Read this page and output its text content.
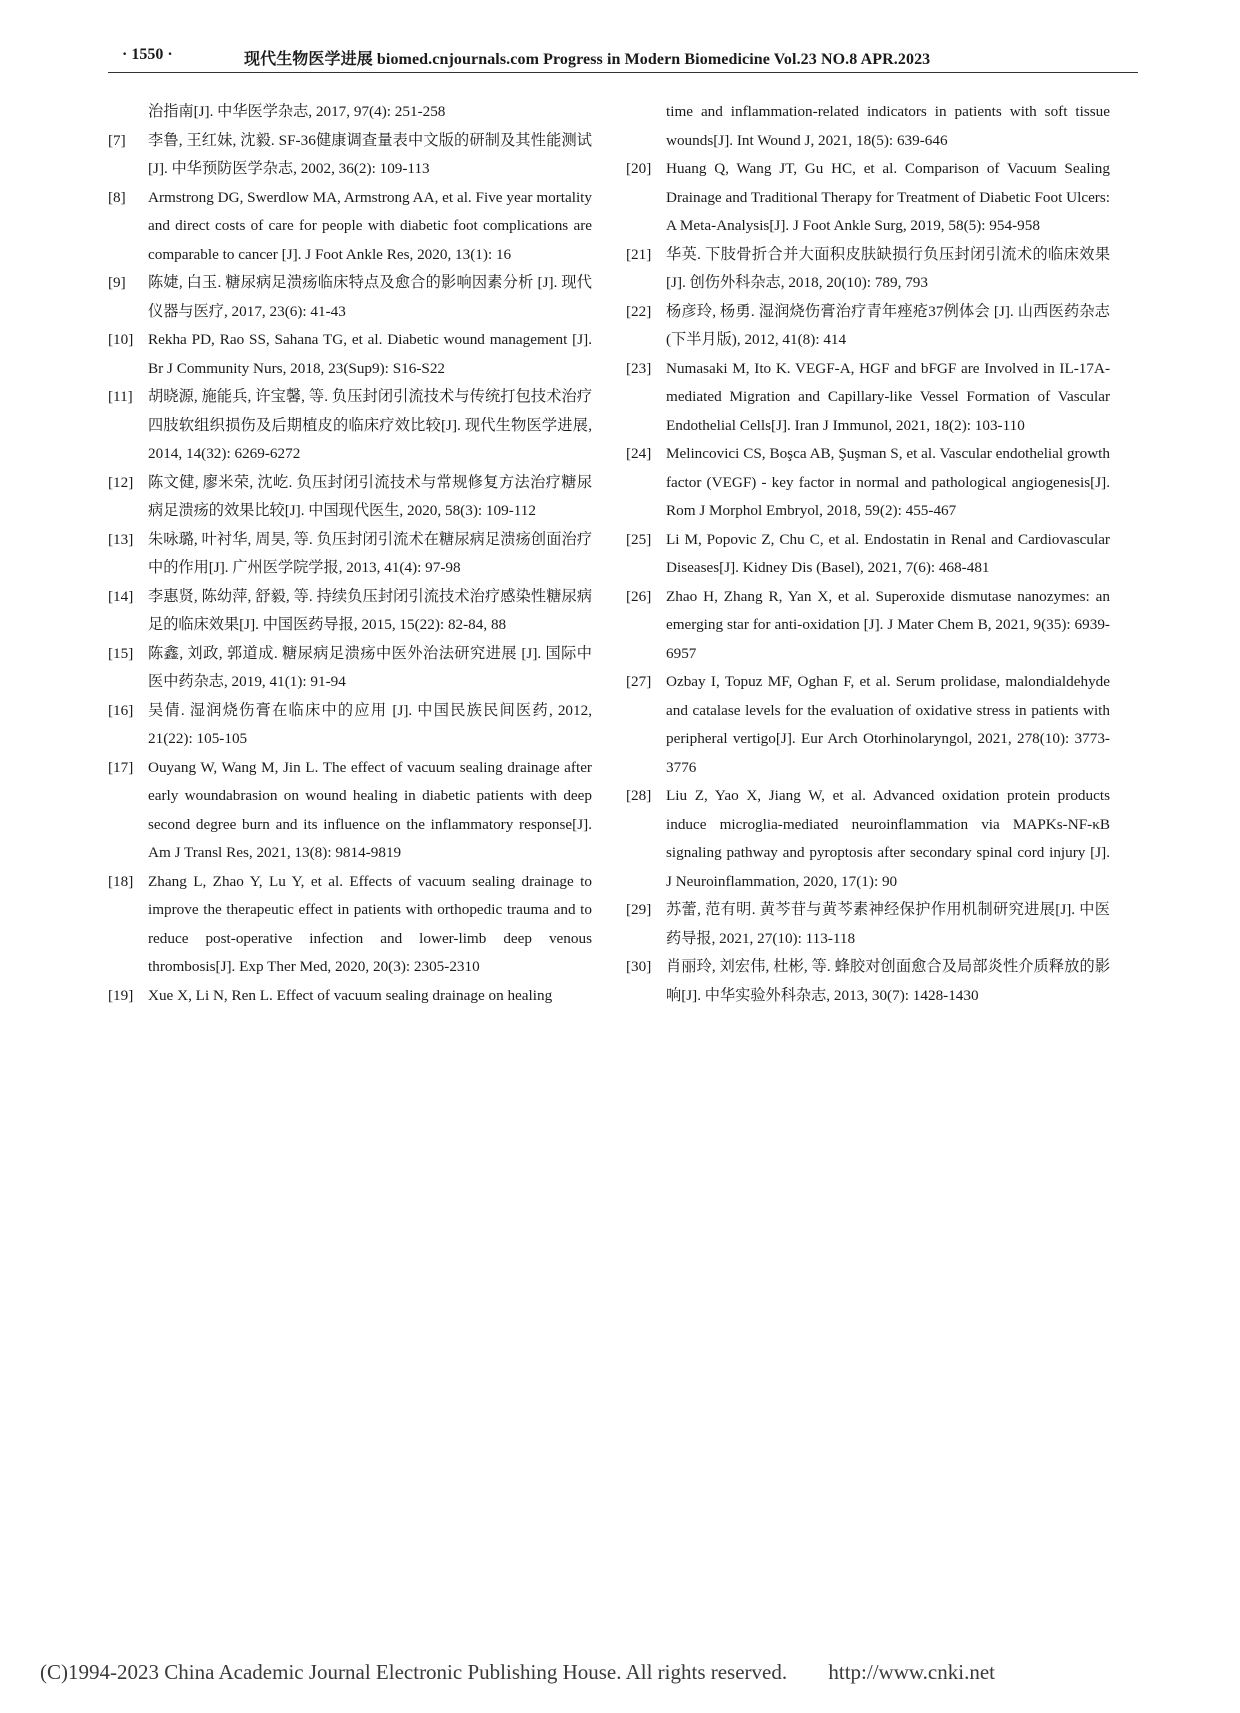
· 1550 ·	现代生物医学进展 biomed.cnjournals.com Progress in Modern Biomedicine Vol.23 NO.8 APR.2023

治指南[J]. 中华医学杂志, 2017, 97(4): 251-258

[7] 李鲁, 王红妹, 沈毅. SF-36健康调查量表中文版的研制及其性能测试[J]. 中华预防医学杂志, 2002, 36(2): 109-113

[8] Armstrong DG, Swerdlow MA, Armstrong AA, et al. Five year mortality and direct costs of care for people with diabetic foot complications are comparable to cancer [J]. J Foot Ankle Res, 2020, 13(1): 16

[9] 陈婕, 白玉. 糖尿病足溃疡临床特点及愈合的影响因素分析 [J]. 现代仪器与医疗, 2017, 23(6): 41-43

[10] Rekha PD, Rao SS, Sahana TG, et al. Diabetic wound management [J]. Br J Community Nurs, 2018, 23(Sup9): S16-S22

[11] 胡晓源, 施能兵, 许宝馨, 等. 负压封闭引流技术与传统打包技术治疗四肢软组织损伤及后期植皮的临床疗效比较[J]. 现代生物医学进展, 2014, 14(32): 6269-6272

[12] 陈文健, 廖米荣, 沈屹. 负压封闭引流技术与常规修复方法治疗糖尿病足溃疡的效果比较[J]. 中国现代医生, 2020, 58(3): 109-112

[13] 朱咏璐, 叶衬华, 周昊, 等. 负压封闭引流术在糖尿病足溃疡创面治疗中的作用[J]. 广州医学院学报, 2013, 41(4): 97-98

[14] 李惠贤, 陈幼萍, 舒毅, 等. 持续负压封闭引流技术治疗感染性糖尿病足的临床效果[J]. 中国医药导报, 2015, 15(22): 82-84, 88

[15] 陈鑫, 刘政, 郭道成. 糖尿病足溃疡中医外治法研究进展 [J]. 国际中医中药杂志, 2019, 41(1): 91-94

[16] 吴倩. 湿润烧伤膏在临床中的应用 [J]. 中国民族民间医药, 2012, 21(22): 105-105

[17] Ouyang W, Wang M, Jin L. The effect of vacuum sealing drainage after early woundabrasion on wound healing in diabetic patients with deep second degree burn and its influence on the inflammatory response[J]. Am J Transl Res, 2021, 13(8): 9814-9819

[18] Zhang L, Zhao Y, Lu Y, et al. Effects of vacuum sealing drainage to improve the therapeutic effect in patients with orthopedic trauma and to reduce post-operative infection and lower-limb deep venous thrombosis[J]. Exp Ther Med, 2020, 20(3): 2305-2310

[19] Xue X, Li N, Ren L. Effect of vacuum sealing drainage on healing

time and inflammation-related indicators in patients with soft tissue wounds[J]. Int Wound J, 2021, 18(5): 639-646

[20] Huang Q, Wang JT, Gu HC, et al. Comparison of Vacuum Sealing Drainage and Traditional Therapy for Treatment of Diabetic Foot Ulcers: A Meta-Analysis[J]. J Foot Ankle Surg, 2019, 58(5): 954-958

[21] 华英. 下肢骨折合并大面积皮肤缺损行负压封闭引流术的临床效果[J]. 创伤外科杂志, 2018, 20(10): 789, 793

[22] 杨彦玲, 杨勇. 湿润烧伤膏治疗青年痤疮37例体会 [J]. 山西医药杂志(下半月版), 2012, 41(8): 414

[23] Numasaki M, Ito K. VEGF-A, HGF and bFGF are Involved in IL-17A-mediated Migration and Capillary-like Vessel Formation of Vascular Endothelial Cells[J]. Iran J Immunol, 2021, 18(2): 103-110

[24] Melincovici CS, Boşca AB, Şuşman S, et al. Vascular endothelial growth factor (VEGF) - key factor in normal and pathological angiogenesis[J]. Rom J Morphol Embryol, 2018, 59(2): 455-467

[25] Li M, Popovic Z, Chu C, et al. Endostatin in Renal and Cardiovascular Diseases[J]. Kidney Dis (Basel), 2021, 7(6): 468-481

[26] Zhao H, Zhang R, Yan X, et al. Superoxide dismutase nanozymes: an emerging star for anti-oxidation [J]. J Mater Chem B, 2021, 9(35): 6939-6957

[27] Ozbay I, Topuz MF, Oghan F, et al. Serum prolidase, malondialdehyde and catalase levels for the evaluation of oxidative stress in patients with peripheral vertigo[J]. Eur Arch Otorhinolaryngol, 2021, 278(10): 3773-3776

[28] Liu Z, Yao X, Jiang W, et al. Advanced oxidation protein products induce microglia-mediated neuroinflammation via MAPKs-NF-κB signaling pathway and pyroptosis after secondary spinal cord injury [J]. J Neuroinflammation, 2020, 17(1): 90

[29] 苏蕾, 范有明. 黄芩苷与黄芩素神经保护作用机制研究进展[J]. 中医药导报, 2021, 27(10): 113-118

[30] 肖丽玲, 刘宏伟, 杜彬, 等. 蜂胶对创面愈合及局部炎性介质释放的影响[J]. 中华实验外科杂志, 2013, 30(7): 1428-1430

(C)1994-2023 China Academic Journal Electronic Publishing House. All rights reserved. http://www.cnki.net
